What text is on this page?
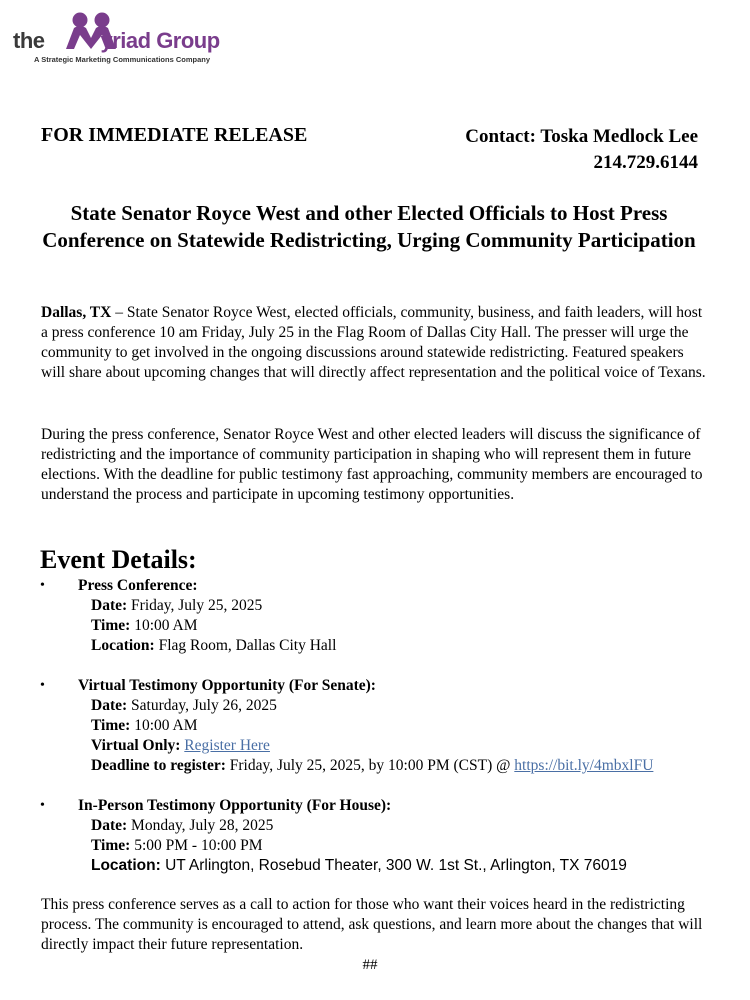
the	yriad Group
A Strategic Marketing Communications Company
FOR IMMEDIATE RELEASE	Contact: Toska Medlock Lee
214.729.6144
State Senator Royce West and other Elected Officials to Host Press Conference on Statewide Redistricting, Urging Community Participation
Dallas, TX – State Senator Royce West, elected officials, community, business, and faith leaders, will host a press conference 10 am Friday, July 25 in the Flag Room of Dallas City Hall. The presser will urge the community to get involved in the ongoing discussions around statewide redistricting. Featured speakers will share about upcoming changes that will directly affect representation and the political voice of Texans.
During the press conference, Senator Royce West and other elected leaders will discuss the significance of redistricting and the importance of community participation in shaping who will represent them in future elections. With the deadline for public testimony fast approaching, community members are encouraged to understand the process and participate in upcoming testimony opportunities.
Event Details:
•	Press Conference:
Date: Friday, July 25, 2025
Time: 10:00 AM
Location: Flag Room, Dallas City Hall
•	Virtual Testimony Opportunity (For Senate):
Date: Saturday, July 26, 2025
Time: 10:00 AM
Virtual Only: Register Here
Deadline to register: Friday, July 25, 2025, by 10:00 PM (CST) @ https://bit.ly/4mbxlFU
•	In-Person Testimony Opportunity (For House):
Date: Monday, July 28, 2025
Time: 5:00 PM - 10:00 PM
Location: UT Arlington, Rosebud Theater, 300 W. 1st St., Arlington, TX 76019
This press conference serves as a call to action for those who want their voices heard in the redistricting process. The community is encouraged to attend, ask questions, and learn more about the changes that will directly impact their future representation.
##
